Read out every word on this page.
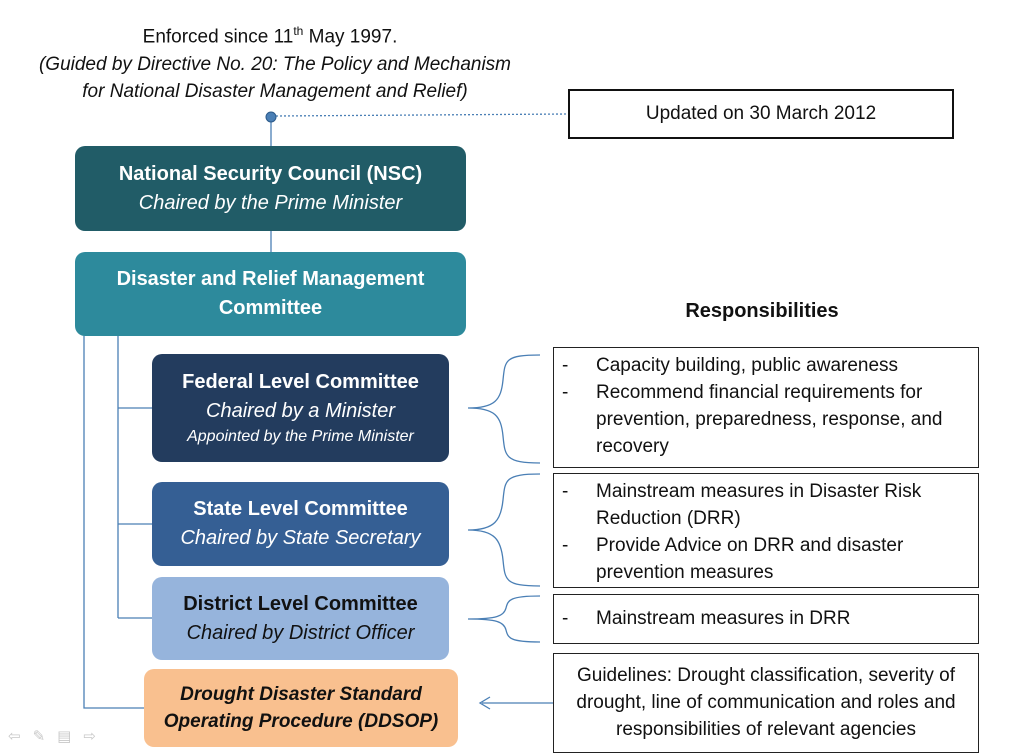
Enforced since 11th May 1997.
(Guided by Directive No. 20: The Policy and Mechanism
for National Disaster Management and Relief)
Updated on 30 March 2012
National Security Council (NSC)
Chaired by the Prime Minister
Disaster and Relief Management
Committee
Federal Level Committee
Chaired by a Minister
Appointed by the Prime Minister
State Level Committee
Chaired by State Secretary
District Level Committee
Chaired by District Officer
Drought Disaster Standard
Operating Procedure (DDSOP)
Responsibilities
- Capacity building, public awareness
- Recommend financial requirements for prevention, preparedness, response, and recovery
- Mainstream measures in Disaster Risk Reduction (DRR)
- Provide Advice on DRR and disaster prevention measures
- Mainstream measures in DRR
Guidelines: Drought classification, severity of drought, line of communication and roles and responsibilities of relevant agencies
⇦✎▤⇨
